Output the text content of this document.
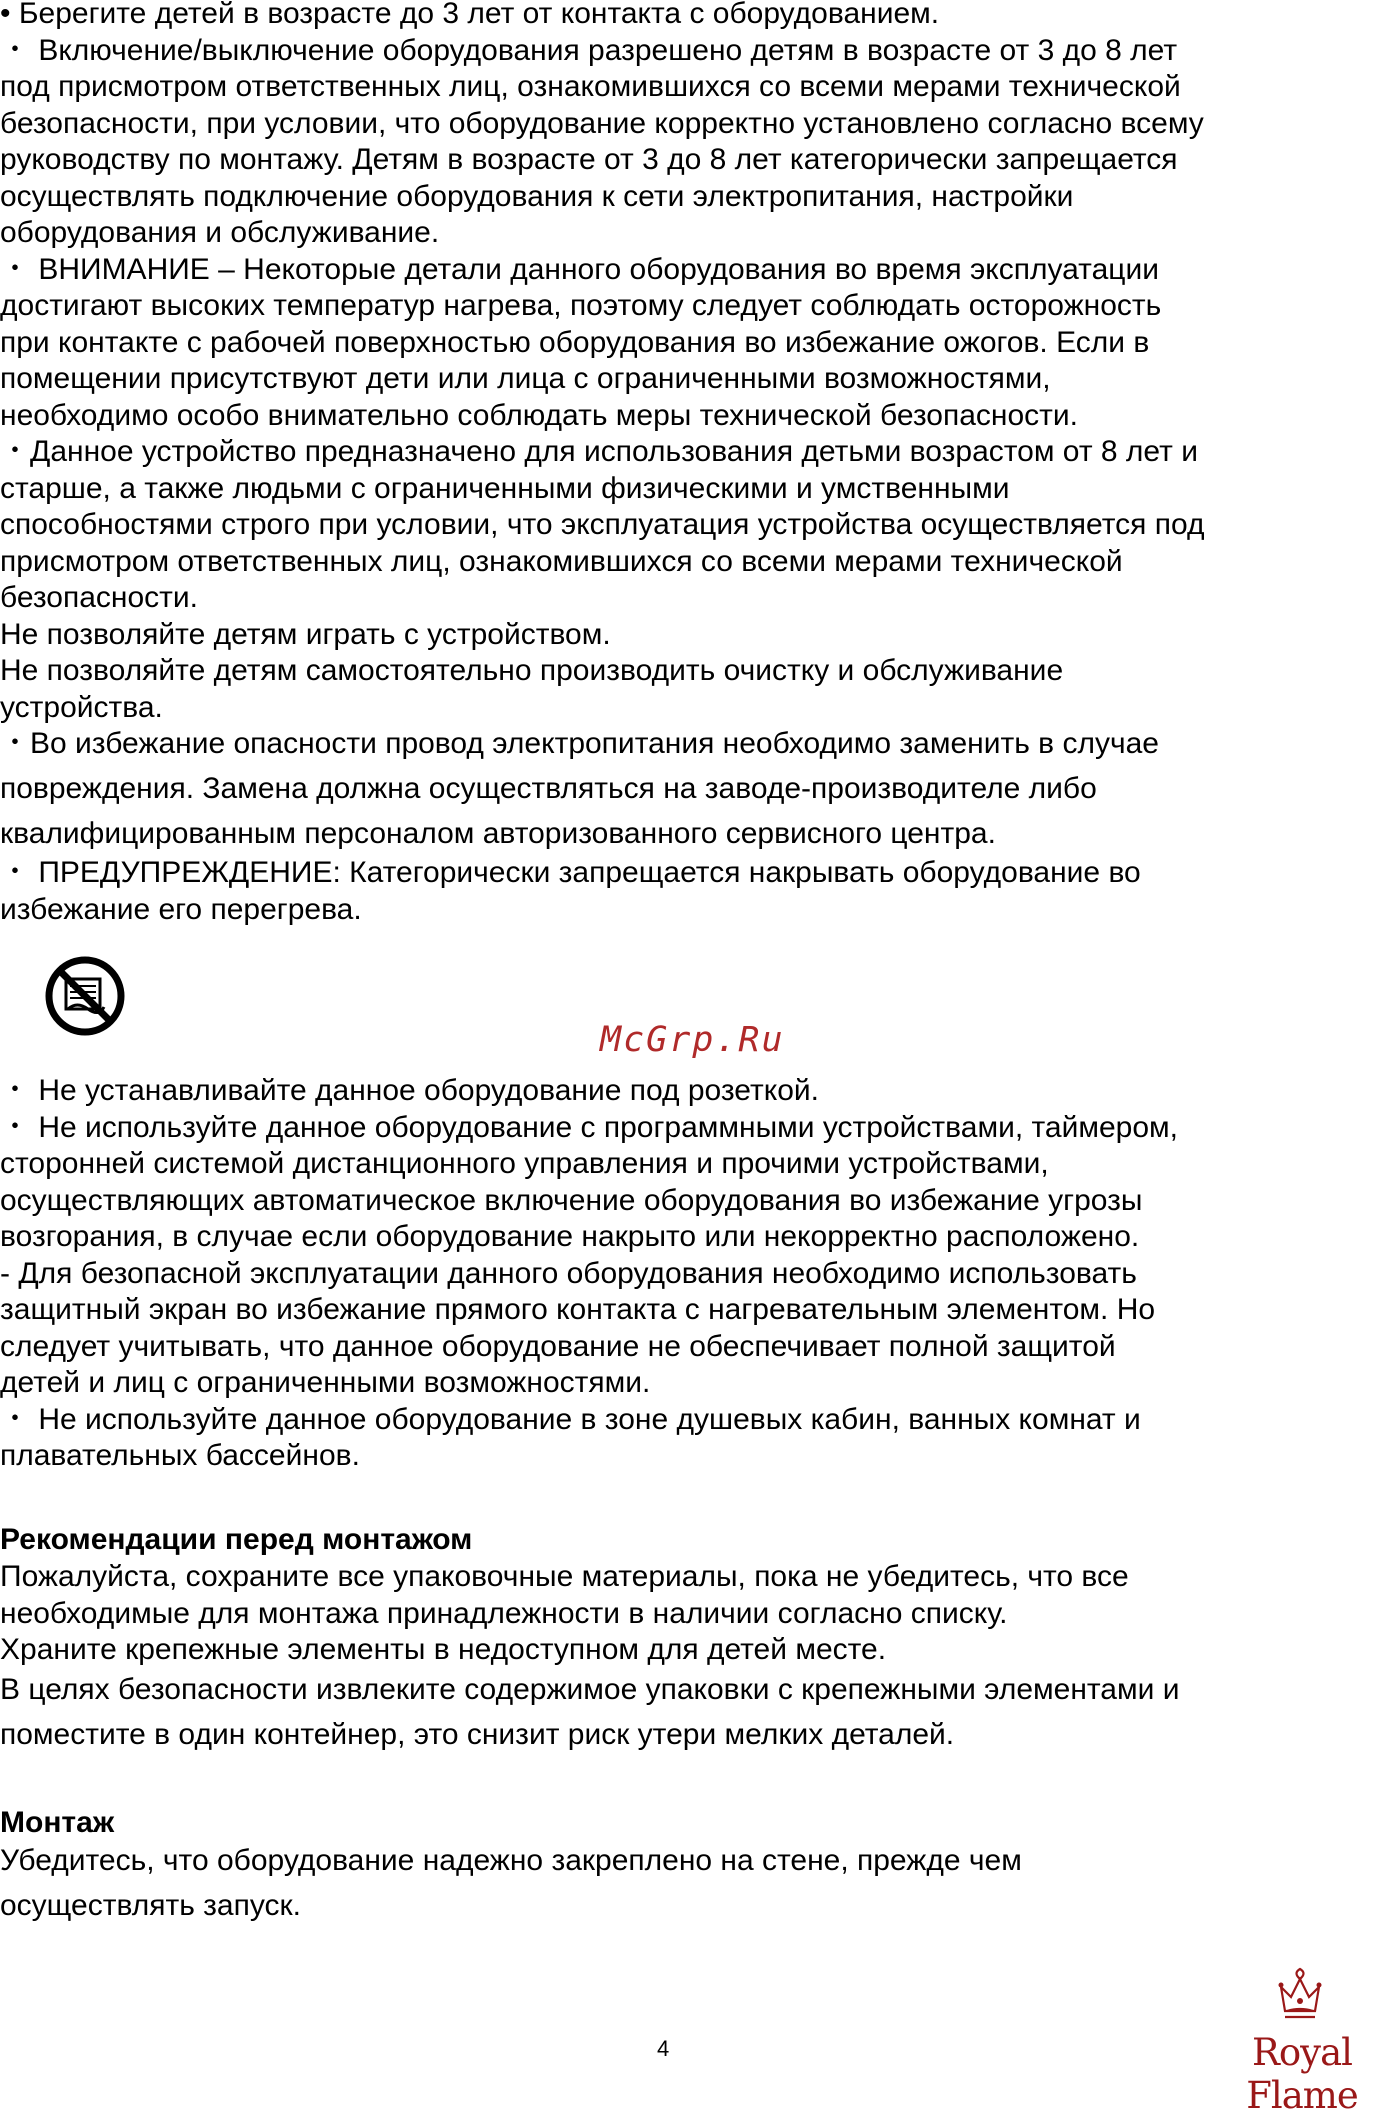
• Берегите детей в возрасте до 3 лет от контакта с оборудованием.
・ Включение/выключение оборудования разрешено детям в возрасте от 3 до 8 лет
под присмотром ответственных лиц, ознакомившихся со всеми мерами технической
безопасности, при условии, что оборудование корректно установлено согласно всему
руководству по монтажу. Детям в возрасте от 3 до 8 лет категорически запрещается
осуществлять подключение оборудования к сети электропитания, настройки
оборудования и обслуживание.
・ ВНИМАНИЕ – Некоторые детали данного оборудования во время эксплуатации
достигают высоких температур нагрева, поэтому следует соблюдать осторожность
при контакте с рабочей поверхностью оборудования во избежание ожогов. Если в
помещении присутствуют дети или лица с ограниченными возможностями,
необходимо особо внимательно соблюдать меры технической безопасности.
・Данное устройство предназначено для использования детьми возрастом от 8 лет и
старше, а также людьми с ограниченными физическими и умственными
способностями строго при условии, что эксплуатация устройства осуществляется под
присмотром ответственных лиц, ознакомившихся со всеми мерами технической
безопасности.
Не позволяйте детям играть с устройством.
Не позволяйте детям самостоятельно производить очистку и обслуживание
устройства.
・Во избежание опасности провод электропитания необходимо заменить в случае
повреждения. Замена должна осуществляться на заводе-производителе либо
квалифицированным персоналом авторизованного сервисного центра.
・ ПРЕДУПРЕЖДЕНИЕ: Категорически запрещается накрывать оборудование во
избежание его перегрева.
McGrp.Ru
・ Не устанавливайте данное оборудование под розеткой.
・ Не используйте данное оборудование с программными устройствами, таймером,
сторонней системой дистанционного управления и прочими устройствами,
осуществляющих автоматическое включение оборудования во избежание угрозы
возгорания, в случае если оборудование накрыто или некорректно расположено.
- Для безопасной эксплуатации данного оборудования необходимо использовать
защитный экран во избежание прямого контакта с нагревательным элементом. Но
следует учитывать, что данное оборудование не обеспечивает полной защитой
детей и лиц с ограниченными возможностями.
・ Не используйте данное оборудование в зоне душевых кабин, ванных комнат и
плавательных бассейнов.
Рекомендации перед монтажом
Пожалуйста, сохраните все упаковочные материалы, пока не убедитесь, что все
необходимые для монтажа принадлежности в наличии согласно списку.
Храните крепежные элементы в недоступном для детей месте.
В целях безопасности извлеките содержимое упаковки с крепежными элементами и
поместите в один контейнер, это снизит риск утери мелких деталей.
Монтаж
Убедитесь, что оборудование надежно закреплено на стене, прежде чем
осуществлять запуск.
4	Royal Flame
